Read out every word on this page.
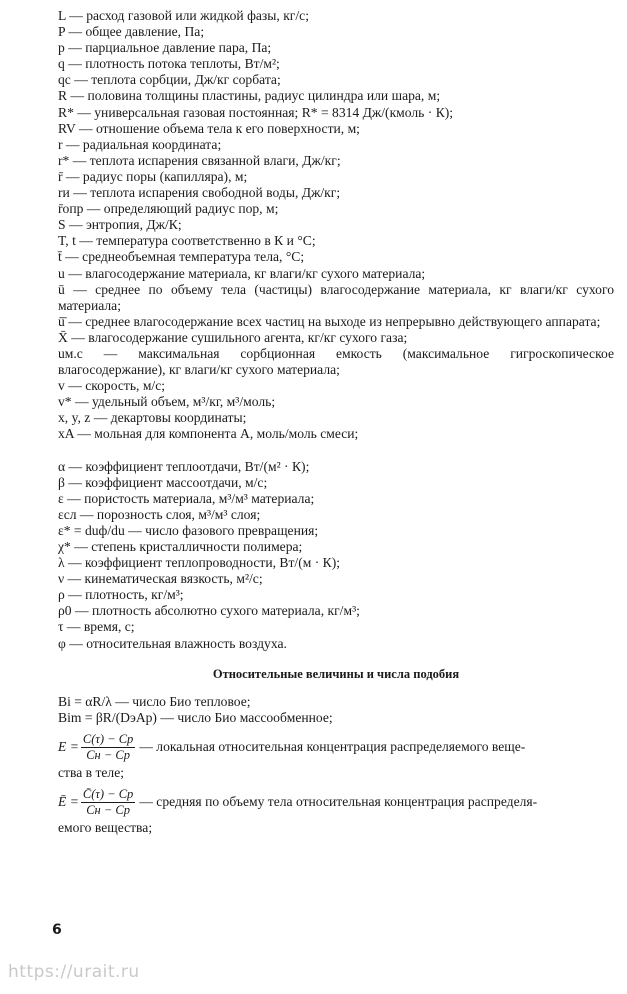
L — расход газовой или жидкой фазы, кг/с;
P — общее давление, Па;
p — парциальное давление пара, Па;
q — плотность потока теплоты, Вт/м²;
qс — теплота сорбции, Дж/кг сорбата;
R — половина толщины пластины, радиус цилиндра или шара, м;
R* — универсальная газовая постоянная; R* = 8314 Дж/(кмоль · К);
RV — отношение объема тела к его поверхности, м;
r — радиальная координата;
r* — теплота испарения связанной влаги, Дж/кг;
r̄ — радиус поры (капилляра), м;
rи — теплота испарения свободной воды, Дж/кг;
r̄опр — определяющий радиус пор, м;
S — энтропия, Дж/К;
T, t — температура соответственно в К и °С;
t̄ — среднеобъемная температура тела, °С;
u — влагосодержание материала, кг влаги/кг сухого материала;
ū — среднее по объему тела (частицы) влагосодержание материала, кг влаги/кг сухого материала;
ū̄ — среднее влагосодержание всех частиц на выходе из непрерывно действующего аппарата;
X̄ — влагосодержание сушильного агента, кг/кг сухого газа;
uм.с — максимальная сорбционная емкость (максимальное гигроскопическое влагосодержание), кг влаги/кг сухого материала;
v — скорость, м/с;
v* — удельный объем, м³/кг, м³/моль;
x, y, z — декартовы координаты;
xA — мольная для компонента А, моль/моль смеси;
α — коэффициент теплоотдачи, Вт/(м² · К);
β — коэффициент массоотдачи, м/с;
ε — пористость материала, м³/м³ материала;
εсл — порозность слоя, м³/м³ слоя;
ε* = duф/du — число фазового превращения;
χ* — степень кристалличности полимера;
λ — коэффициент теплопроводности, Вт/(м · К);
ν — кинематическая вязкость, м²/с;
ρ — плотность, кг/м³;
ρ0 — плотность абсолютно сухого материала, кг/м³;
τ — время, с;
φ — относительная влажность воздуха.
Относительные величины и числа подобия
Bi = αR/λ — число Био тепловое;
Bim = βR/(DэAр) — число Био массообменное;
$E = \frac{C(\tau) - Cр}{Cн - Cр}$ — локальная относительная концентрация распределяемого веще-
ства в теле;
Ē = $\frac{C̄(\tau) - Cр}{Cн - Cр}$ — средняя по объему тела относительная концентрация распределя-
емого вещества;
6
https://urait.ru
